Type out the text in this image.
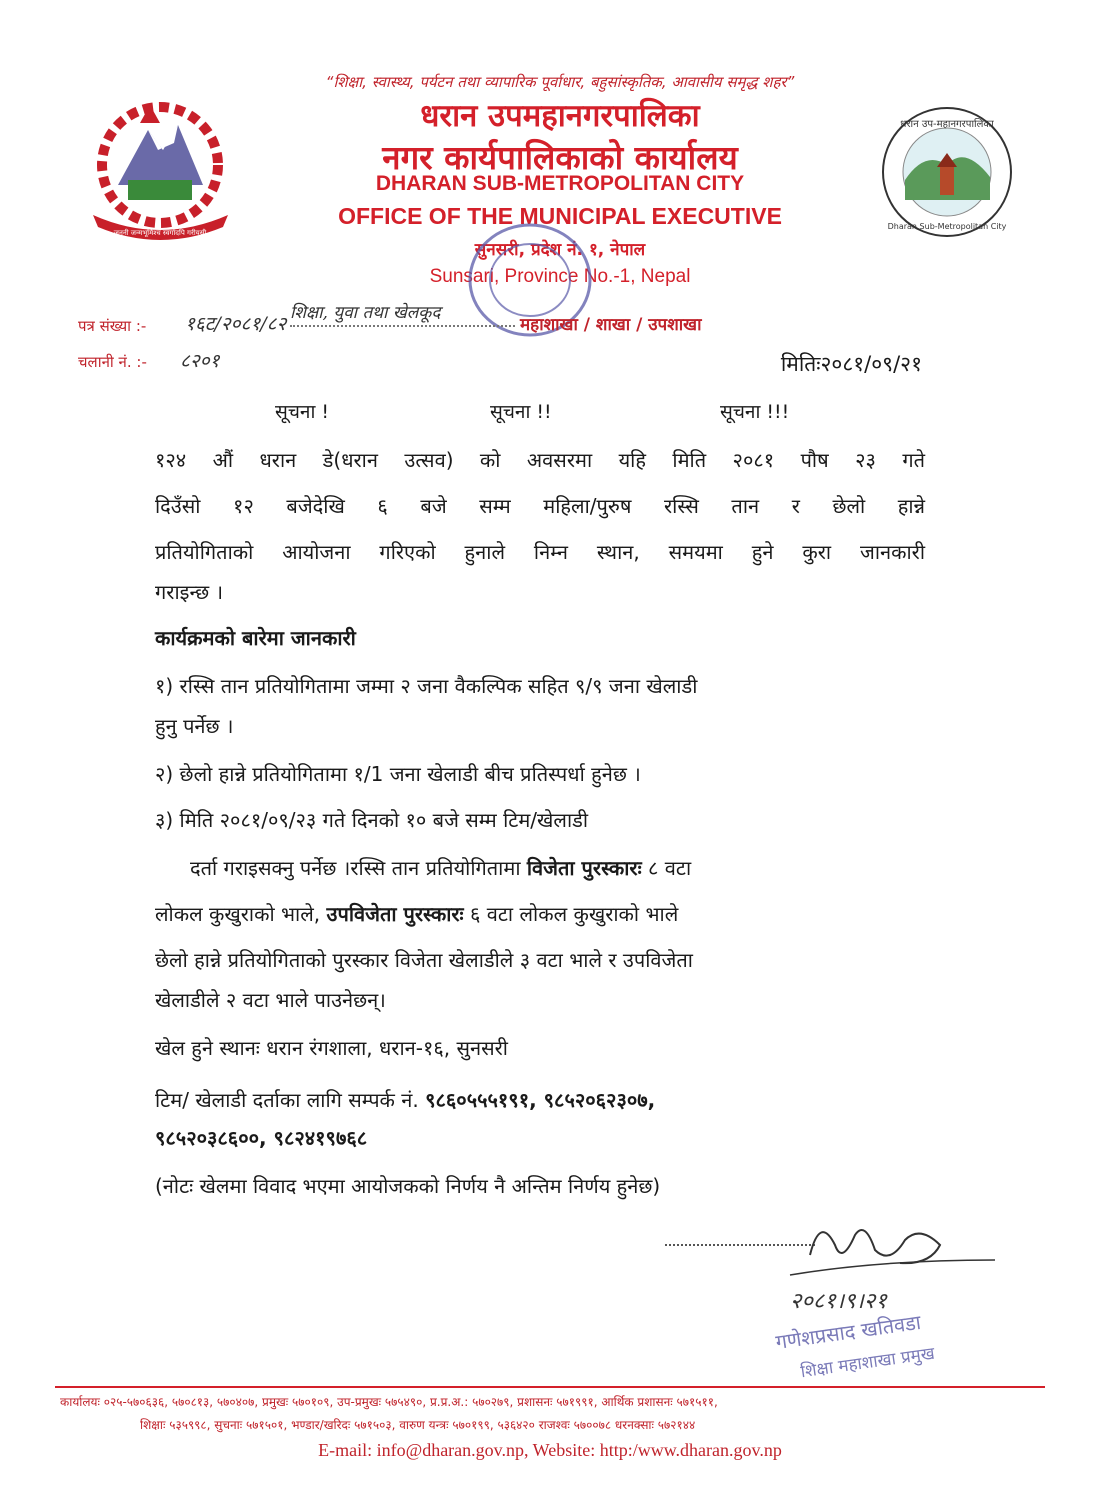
जननी जन्मभूमिश्च स्वर्गादपि गरीयसी
धरान उप-महानगरपालिका
Dharan Sub-Metropolitan City
“शिक्षा, स्वास्थ्य, पर्यटन तथा व्यापारिक पूर्वाधार, बहुसांस्कृतिक, आवासीय समृद्ध शहर”
धरान उपमहानगरपालिका
नगर कार्यपालिकाको कार्यालय
DHARAN SUB-METROPOLITAN CITY
OFFICE OF THE MUNICIPAL EXECUTIVE
सुनसरी, प्रदेश नं. १, नेपाल
Sunsari, Province No.-1, Nepal
पत्र संख्या :- १६ट/२०८१/८२
चलानी नं. :- ८२०१
शिक्षा, युवा तथा खेलकूद
महाशाखा / शाखा / उपशाखा
मितिः२०८१/०९/२१
सूचना !	सूचना !!	सूचना !!!
१२४ औं धरान डे(धरान उत्सव) को अवसरमा यहि मिति २०८१ पौष २३ गते
दिउँसो १२ बजेदेखि ६ बजे सम्म महिला/पुरुष रस्सि तान र छेलो हान्ने
प्रतियोगिताको आयोजना गरिएको हुनाले निम्न स्थान, समयमा हुने कुरा जानकारी
गराइन्छ ।
कार्यक्रमको बारेमा जानकारी
१) रस्सि तान प्रतियोगितामा जम्मा २ जना वैकल्पिक सहित ९/९ जना खेलाडी
हुनु पर्नेछ ।
२) छेलो हान्ने प्रतियोगितामा १/1 जना खेलाडी बीच प्रतिस्पर्धा हुनेछ ।
३) मिति २०८१/०९/२३ गते दिनको १० बजे सम्म टिम/खेलाडी
दर्ता गराइसक्नु पर्नेछ ।रस्सि तान प्रतियोगितामा विजेता पुरस्कारः ८ वटा
लोकल कुखुराको भाले, उपविजेता पुरस्कारः ६ वटा लोकल कुखुराको भाले
छेलो हान्ने प्रतियोगिताको पुरस्कार विजेता खेलाडीले ३ वटा भाले र उपविजेता
खेलाडीले २ वटा भाले पाउनेछन्।
खेल हुने स्थानः धरान रंगशाला, धरान-१६, सुनसरी
टिम/ खेलाडी दर्ताका लागि सम्पर्क नं. ९८६०५५५१९१, ९८५२०६२३०७,
९८५२०३८६००, ९८२४१९७६८
(नोटः खेलमा विवाद भएमा आयोजकको निर्णय नै अन्तिम निर्णय हुनेछ)
२०८१।९।२१
गणेशप्रसाद खतिवडा
शिक्षा महाशाखा प्रमुख
कार्यालयः ०२५-५७०६३६, ५७०८१३, ५७०४०७, प्रमुखः ५७०१०९, उप-प्रमुखः ५७५४९०, प्र.प्र.अ.: ५७०२७९, प्रशासनः ५७१९९१, आर्थिक प्रशासनः ५७१५११,
शिक्षाः ५३५९९८, सुचनाः ५७१५०१, भण्डार/खरिदः ५७१५०३, वारुण यन्त्रः ५७०१९९, ५३६४२० राजश्वः ५७००७८ धरनक्साः ५७२१४४
E-mail: info@dharan.gov.np, Website: http:/www.dharan.gov.np
